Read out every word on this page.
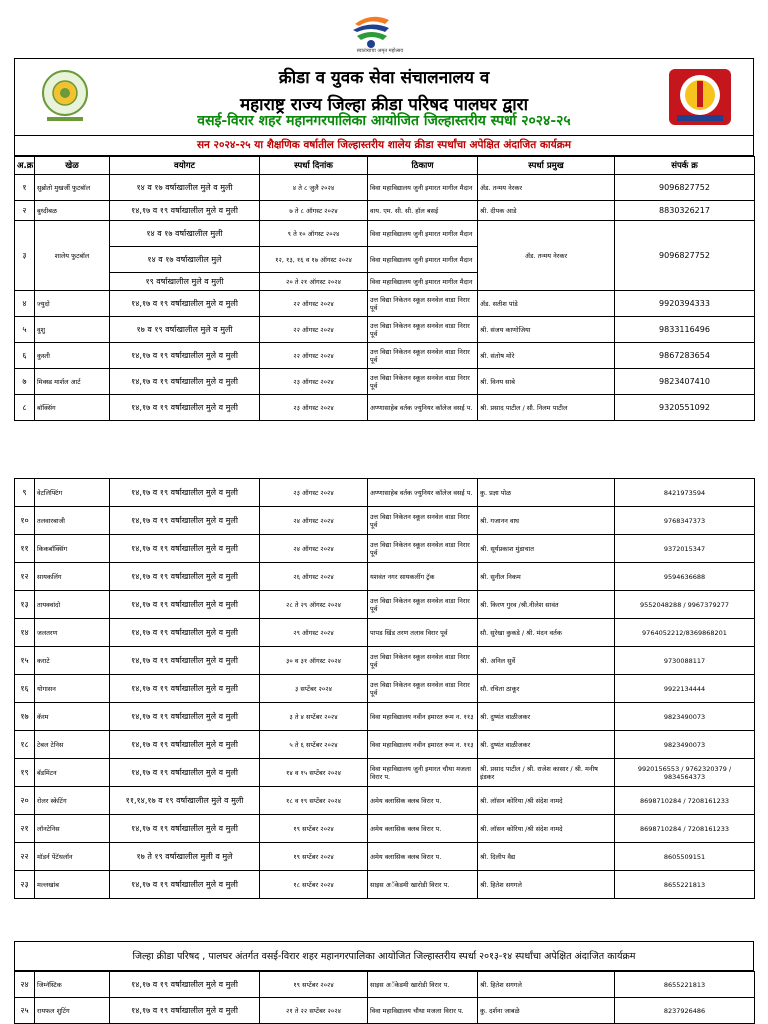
स्वातंत्र्याचा अमृत महोत्सव
क्रीडा व युवक सेवा संचालनालय व
महाराष्ट्र राज्य जिल्हा क्रीडा परिषद पालघर द्वारा
वसई-विरार शहर महानगरपालिका आयोजित जिल्हास्तरीय स्पर्धा २०२४-२५
सन २०२४-२५ या शैक्षणिक वर्षातील जिल्हास्तरीय शालेय क्रीडा स्पर्धांचा अपेक्षित अंदाजित कार्यक्रम
अ.क्र	खेळ	वयोगट	स्पर्धा दिनांक	ठिकाण	स्पर्धा प्रमुख	संपर्क क्र
१	सुब्रोतो मुखर्जी फुटबॉल	१४ व १७ वर्षाखालील मुले व मुली	४ ते ८ जुलै २०२४	विवा महाविद्यालय जुनी इमारत मागील मैदान	ॲड. तन्मय नेरकर	9096827752
२	बुध्दीबळ	१४,१७ व १९ वर्षाखालील मुले व मुली	७ ते ८ ऑगस्ट २०२४	वाय. एम. सी. सी. हॉल बसई	श्री. दीपक आडे	8830326217
३	शालेय फुटबॉल	१४ व १७ वर्षाखालील मुली	९ ते १० ऑगस्ट २०२४	विवा महाविद्यालय जुनी इमारत मागील मैदान	ॲड. तन्मय नेरकर	9096827752
		१४ व १७ वर्षाखालील मुले	१२, १३, १६ व १७ ऑगस्ट २०२४	विवा महाविद्यालय जुनी इमारत मागील मैदान		
		१९ वर्षाखालील मुले व मुली	२० ते २१ ऑगस्ट २०२४	विवा महाविद्यालय जुनी इमारत मागील मैदान		
४	ज्युदो	१४,१७ व १९ वर्षाखालील मुले व मुली	२२ ऑगस्ट २०२४	उत्त विद्या निकेतन स्कूल सनवेल वाडा निरार पूर्व	ॲड. सतीश पांडे	9920394333
५	वुशु	१७ व १९ वर्षाखालील मुले व मुली	२२ ऑगस्ट २०२४	उत्त विद्या निकेतन स्कूल सनवेल वाडा निरार पूर्व	श्री. संजय काणोजिया	9833116496
६	कुस्ती	१४,१७ व १९ वर्षाखालील मुले व मुली	२२ ऑगस्ट २०२४	उत्त विद्या निकेतन स्कूल सनवेल वाडा निरार पूर्व	श्री. संतोष मोरे	9867283654
७	मिक्स्ड मार्शल आर्ट	१४,१७ व १९ वर्षाखालील मुले व मुली	२३ ऑगस्ट २०२४	उत्त विद्या निकेतन स्कूल सनवेल वाडा निरार पूर्व	श्री. विनय साबे	9823407410
८	बॉक्सिंग	१४,१७ व १९ वर्षाखालील मुले व मुली	२३ ऑगस्ट २०२४	अण्णासाहेब वर्तक ज्युनियर कॉलेज वसई प.	श्री. प्रसाद पाटील / सौ. निलम पाटील	9320551092
९	वेटलिफ्टिंग	१४,१७ व १९ वर्षाखालील मुले व मुली	२३ ऑगस्ट २०२४	अण्णासाहेब वर्तक ज्युनियर कॉलेज वसई प.	कु. प्रज्ञा पोळ	8421973594
१०	तलवारबाजी	१४,१७ व १९ वर्षाखालील मुले व मुली	२४ ऑगस्ट २०२४	उत्त विद्या निकेतन स्कूल सनवेल वाडा निरार पूर्व	श्री. गजानन वाघ	9768347373
११	किकबॉक्सिंग	१४,१७ व १९ वर्षाखालील मुले व मुली	२४ ऑगस्ट २०२४	उत्त विद्या निकेतन स्कूल सनवेल वाडा निरार पूर्व	श्री. सूर्यप्रकाश मुंडाचात	9372015347
१२	सायकलिंग	१४,१७ व १९ वर्षाखालील मुले व मुली	२६ ऑगस्ट २०२४	यशवंत नगर सायकलींग ट्रॅक	श्री. सुनील निकम	9594636688
१३	तायक्वांदो	१४,१७ व १९ वर्षाखालील मुले व मुली	२८ ते २९ ऑगस्ट २०२४	उत्त विद्या निकेतन स्कूल सनवेल वाडा निरार पूर्व	श्री. किरण गुरव /श्री.नीलेश सावंत	9552048288 / 9967379277
१४	जलतरण	१४,१७ व १९ वर्षाखालील मुले व मुली	२९ ऑगस्ट २०२४	पापड खिंड तरण तलाव विरार पूर्व	सौ. सुरेखा कुकडे / श्री. मंदन वर्तक	9764052212/8369868201
१५	कराटे	१४,१७ व १९ वर्षाखालील मुले व मुली	३० व ३१ ऑगस्ट २०२४	उत्त विद्या निकेतन स्कूल सनवेल वाडा निरार पूर्व	श्री. अनिल सुर्वे	9730088117
१६	योगासन	१४,१७ व १९ वर्षाखालील मुले व मुली	३ सप्टेंबर २०२४	उत्त विद्या निकेतन स्कूल सनवेल वाडा निरार पूर्व	सौ. रचिता ठाकूर	9922134444
१७	कॅरम	१४,१७ व १९ वर्षाखालील मुले व मुली	३ ते ४ सप्टेंबर २०२४	विवा महाविद्यालय नवीन इमारत रूम न. ११३	श्री. दुष्यंत वाळीजकर	9823490073
१८	टेबल टेनिस	१४,१७ व १९ वर्षाखालील मुले व मुली	५ ते ६ सप्टेंबर २०२४	विवा महाविद्यालय नवीन इमारत रूम न. ११३	श्री. दुष्यंत वाळीजकर	9823490073
१९	बॅडमिंटन	१४,१७ व १९ वर्षाखालील मुले व मुली	१४ व १५ सप्टेंबर २०२४	विवा महाविद्यालय जुनी इमारत चौथा मजला विरार प.	श्री. प्रसाद पाटील / श्री. राजेश कासार / श्री. मनीष इंडकर	9920156553 / 9762320379 / 9834564373
२०	रोलर स्केटिंग	११,१४,१७ व १९ वर्षाखालील मुले व मुली	१८ व १९ सप्टेंबर २०२४	अमेय क्लासिक क्लब विरार प.	श्री. लॉसन कोरिया /श्री संदेश नामदे	8698710284 / 7208161233
२१	लॉनटेनिस	१४,१७ व १९ वर्षाखालील मुले व मुली	१९ सप्टेंबर २०२४	अमेय क्लासिक क्लब विरार प.	श्री. लॉसन कोरिया /श्री संदेश नामदे	8698710284 / 7208161233
२२	मॉडर्न पेंटॅथलॉन	१७ ते १९ वर्षाखालील मुली व मुले	१९ सप्टेंबर २०२४	अमेय क्लासिक क्लब विरार प.	श्री. दिलीप वैद्य	8605509151
२३	मल्लखांब	१४,१७ व १९ वर्षाखालील मुले व मुली	१८ सप्टेंबर २०२४	साइस अॅकेडमी खारोडी विरार प.	श्री. हितेश सगगले	8655221813
जिल्हा क्रीडा परिषद , पालघर अंतर्गत वसई-विरार शहर महानगरपालिका आयोजित जिल्हास्तरीय स्पर्धा २०१३-१४ स्पर्धांचा अपेक्षित अंदाजित कार्यक्रम
२४	जिम्नॅस्टिक	१४,१७ व १९ वर्षाखालील मुले व मुली	१९ सप्टेंबर २०२४	साइस अॅकेडमी खारोडी विरार प.	श्री. हितेश सगगले	8655221813
२५	रायफल शुटिंग	१४,१७ व १९ वर्षाखालील मुले व मुली	२१ ते २२ सप्टेंबर २०२४	विवा महाविद्यालय चौथा मजला विरार प.	कु. दर्शना जाबळे	8237926486
